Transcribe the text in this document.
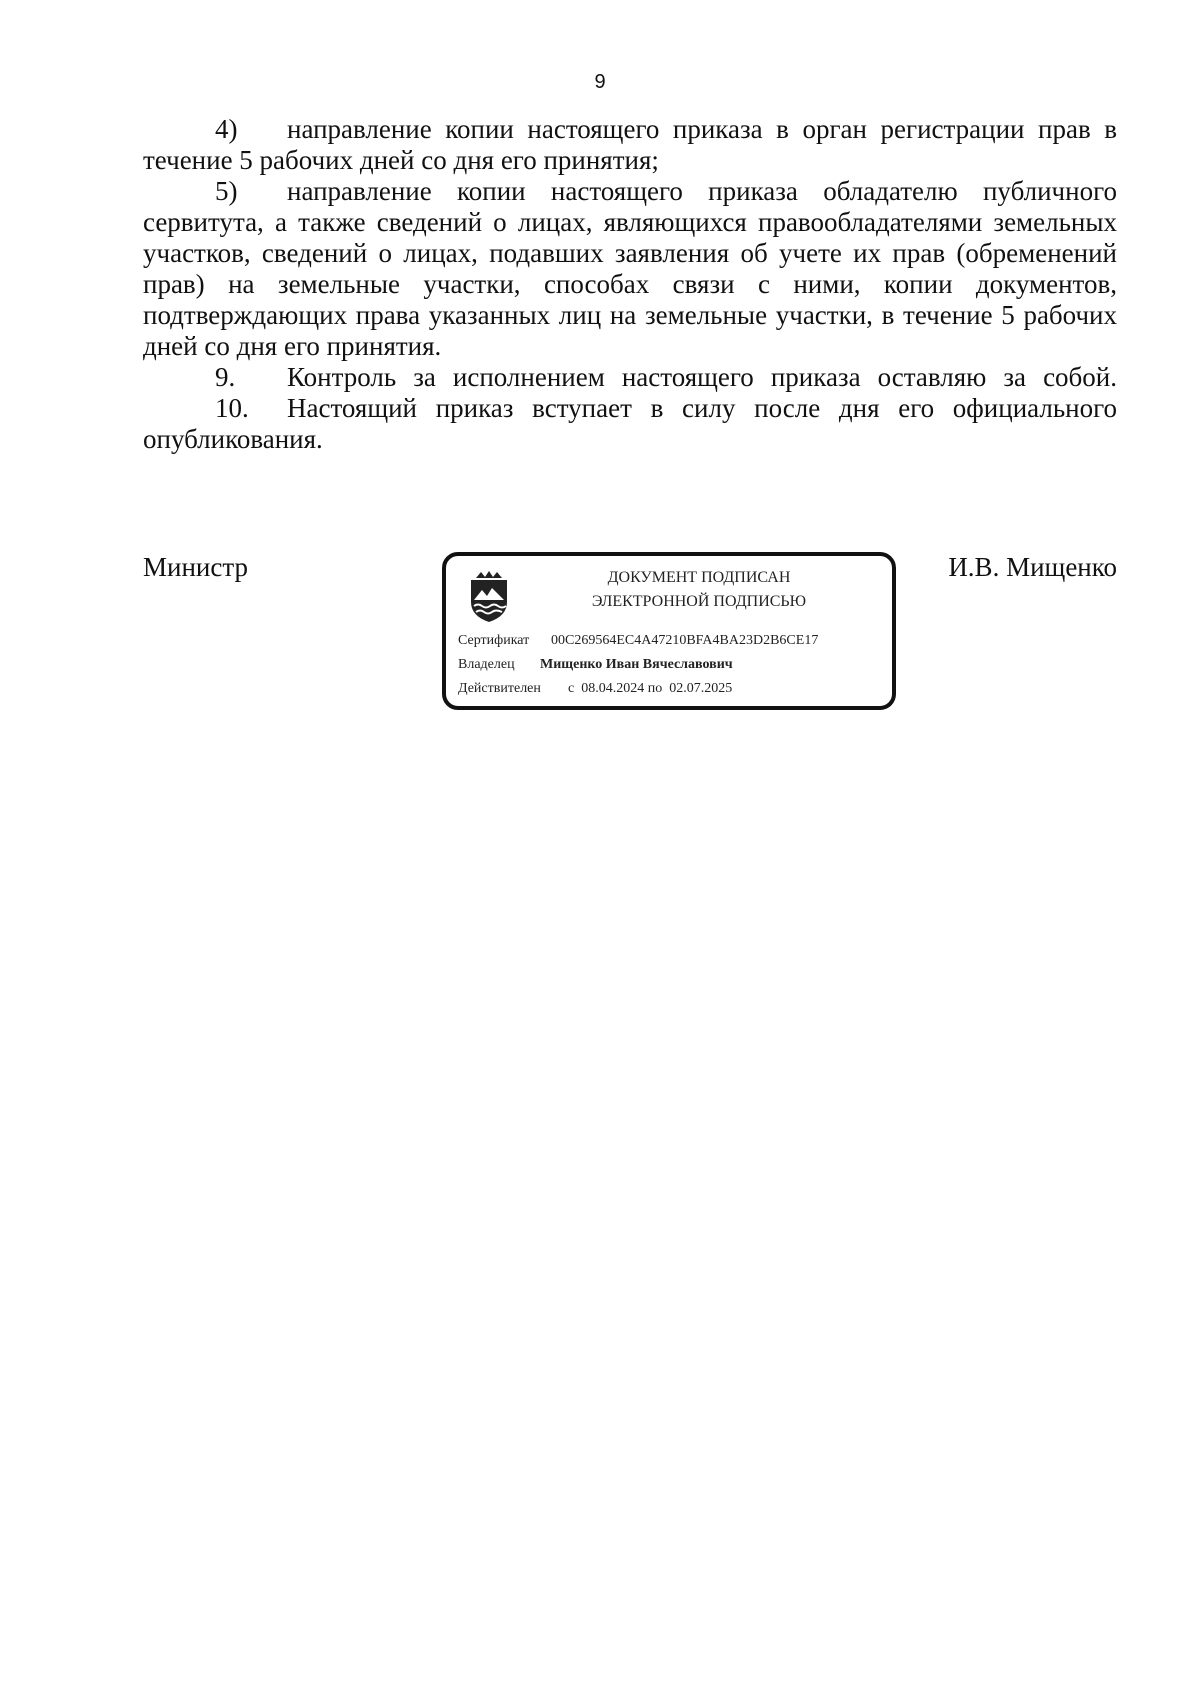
9

4) направление копии настоящего приказа в орган регистрации прав в течение 5 рабочих дней со дня его принятия;

5) направление копии настоящего приказа обладателю публичного сервитута, а также сведений о лицах, являющихся правообладателями земельных участков, сведений о лицах, подавших заявления об учете их прав (обременений прав) на земельные участки, способах связи с ними, копии документов, подтверждающих права указанных лиц на земельные участки, в течение 5 рабочих дней со дня его принятия.

9. Контроль за исполнением настоящего приказа оставляю за собой.

10. Настоящий приказ вступает в силу после дня его официального опубликования.

Министр	ДОКУМЕНТ ПОДПИСАН
ЭЛЕКТРОННОЙ ПОДПИСЬЮ
Сертификат 00C269564EC4A47210BFA4BA23D2B6CE17
Владелец Мищенко Иван Вячеславович
Действителен с 08.04.2024 по 02.07.2025
И.В. Мищенко
